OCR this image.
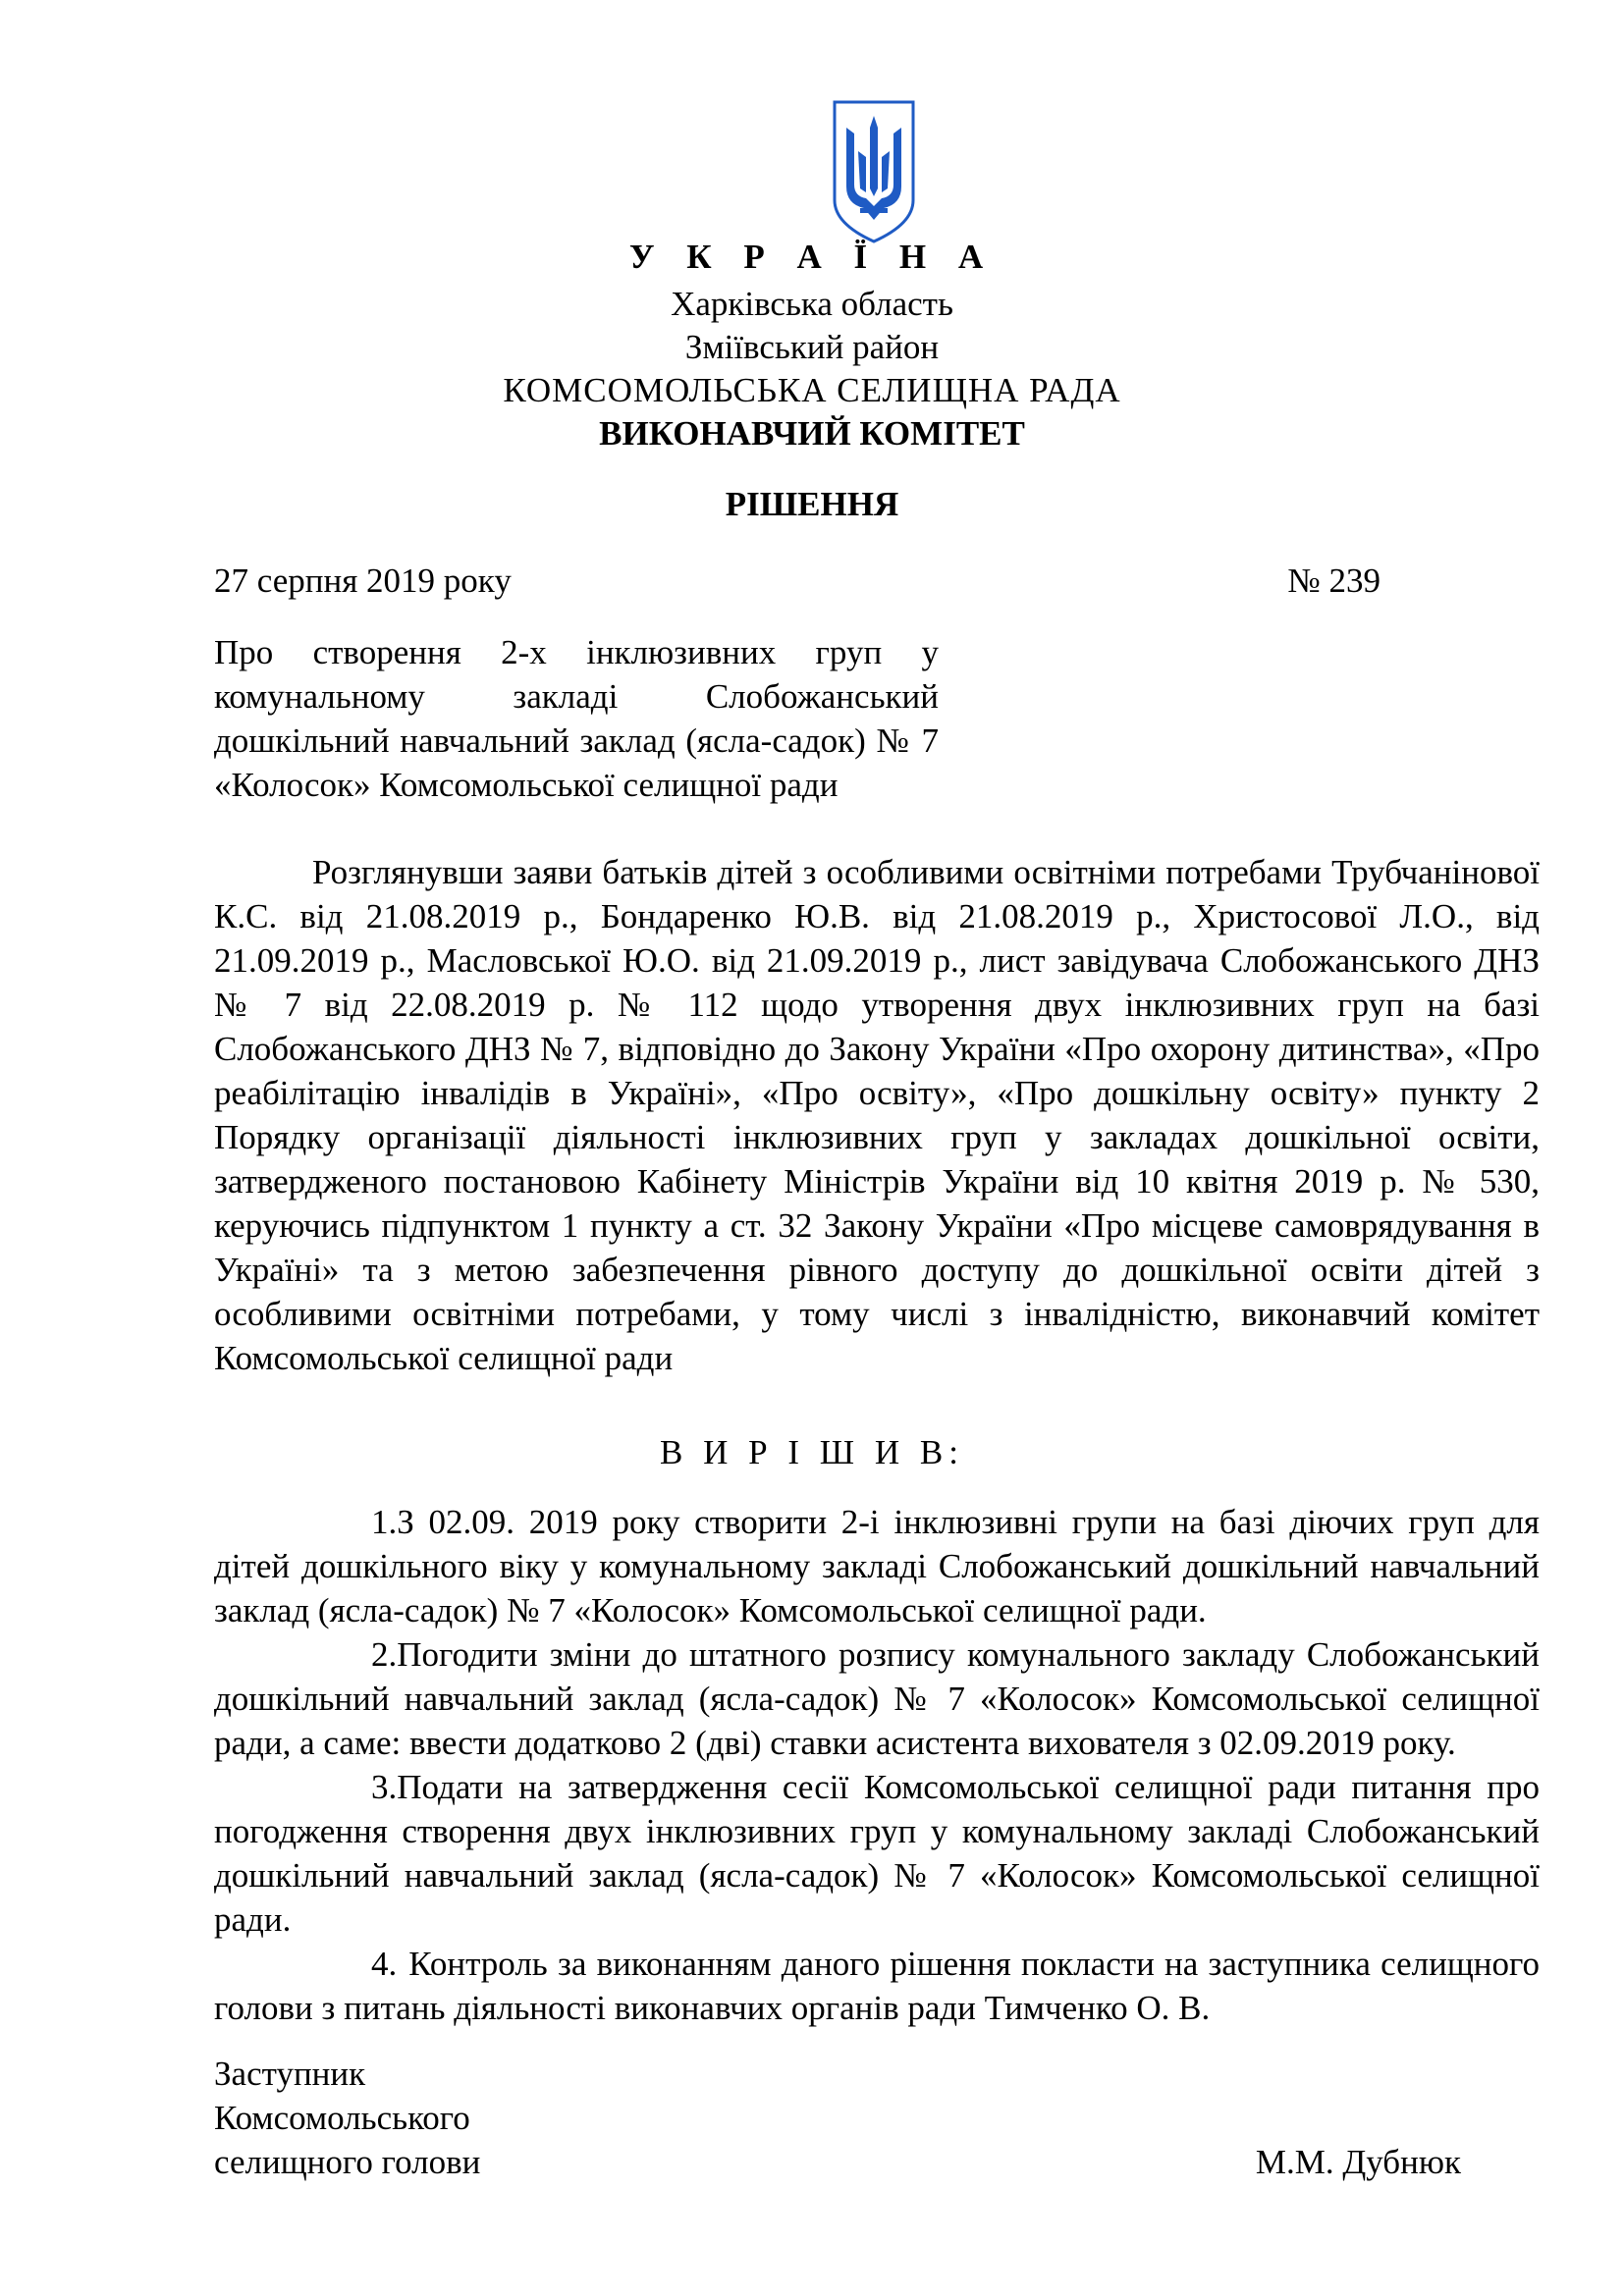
У К Р А Ї Н А
Харківська область
Зміївський район
КОМСОМОЛЬСЬКА СЕЛИЩНА РАДА
ВИКОНАВЧИЙ КОМІТЕТ
РІШЕННЯ
27 серпня 2019 року	№ 239
Про створення 2-х інклюзивних груп у комунальному закладі Слобожанський дошкільний навчальний заклад (ясла-садок) № 7 «Колосок» Комсомольської селищної ради
Розглянувши заяви батьків дітей з особливими освітніми потребами Трубчанінової К.С. від 21.08.2019 р., Бондаренко Ю.В. від 21.08.2019 р., Христосової Л.О., від 21.09.2019 р., Масловської Ю.О. від 21.09.2019 р., лист завідувача Слобожанського ДНЗ № 7 від 22.08.2019 р. № 112 щодо утворення двух інклюзивних груп на базі Слобожанського ДНЗ № 7, відповідно до Закону України «Про охорону дитинства», «Про реабілітацію інвалідів в Україні», «Про освіту», «Про дошкільну освіту» пункту 2 Порядку організації діяльності інклюзивних груп у закладах дошкільної освіти, затвердженого постановою Кабінету Міністрів України від 10 квітня 2019 р. № 530, керуючись підпунктом 1 пункту а ст. 32 Закону України «Про місцеве самоврядування в Україні» та з метою забезпечення рівного доступу до дошкільної освіти дітей з особливими освітніми потребами, у тому числі з інвалідністю, виконавчий комітет Комсомольської селищної ради
В И Р І Ш И В:

1.З 02.09. 2019 року створити 2-і інклюзивні групи на базі діючих груп для дітей дошкільного віку у комунальному закладі Слобожанський дошкільний навчальний заклад (ясла-садок) № 7 «Колосок» Комсомольської селищної ради.

2.Погодити зміни до штатного розпису комунального закладу Слобожанський дошкільний навчальний заклад (ясла-садок) № 7 «Колосок» Комсомольської селищної ради, а саме: ввести додатково 2 (дві) ставки асистента вихователя з 02.09.2019 року.

3.Подати на затвердження сесії Комсомольської селищної ради питання про погодження створення двух інклюзивних груп у комунальному закладі Слобожанський дошкільний навчальний заклад (ясла-садок) № 7 «Колосок» Комсомольської селищної ради.

4. Контроль за виконанням даного рішення покласти на заступника селищного голови з питань діяльності виконавчих органів ради Тимченко О. В.

Заступник
Комсомольського
селищного голови	М.М. Дубнюк
